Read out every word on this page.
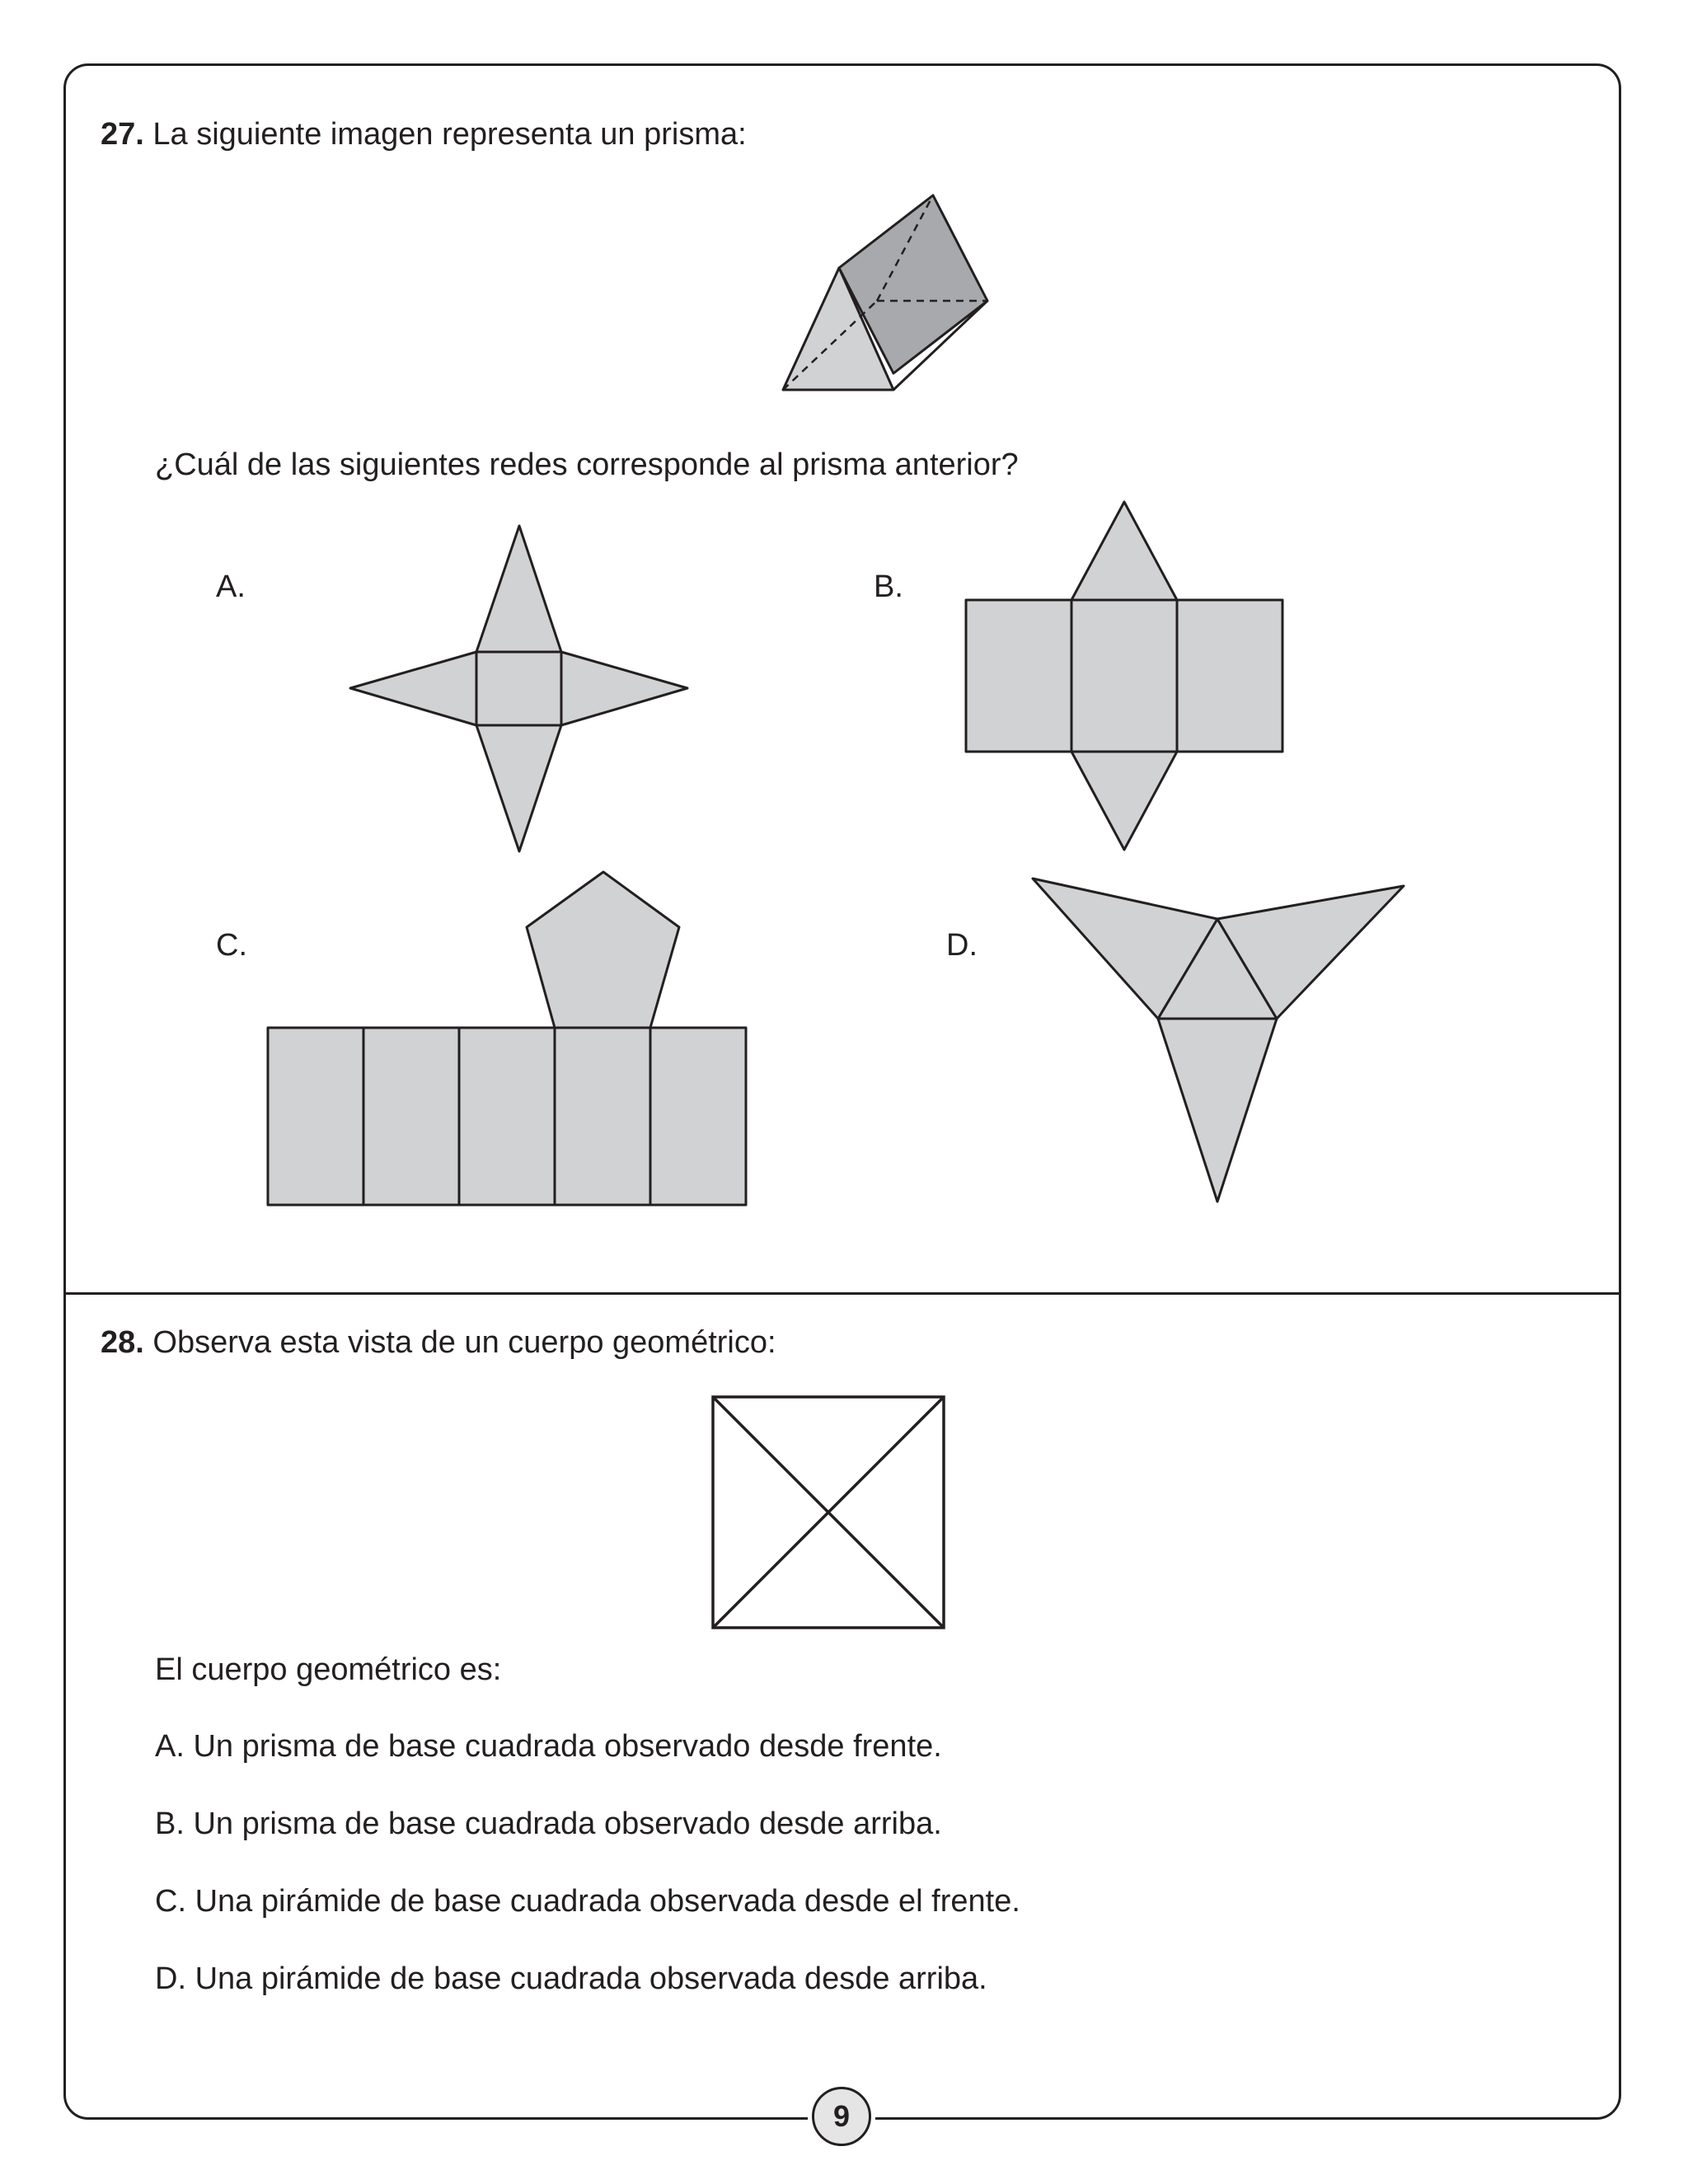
27. La siguiente imagen representa un prisma:
¿Cuál de las siguientes redes corresponde al prisma anterior?
A.	B.
C.	D.
28. Observa esta vista de un cuerpo geométrico:
El cuerpo geométrico es:
A. Un prisma de base cuadrada observado desde frente.
B. Un prisma de base cuadrada observado desde arriba.
C. Una pirámide de base cuadrada observada desde el frente.
D. Una pirámide de base cuadrada observada desde arriba.
9
